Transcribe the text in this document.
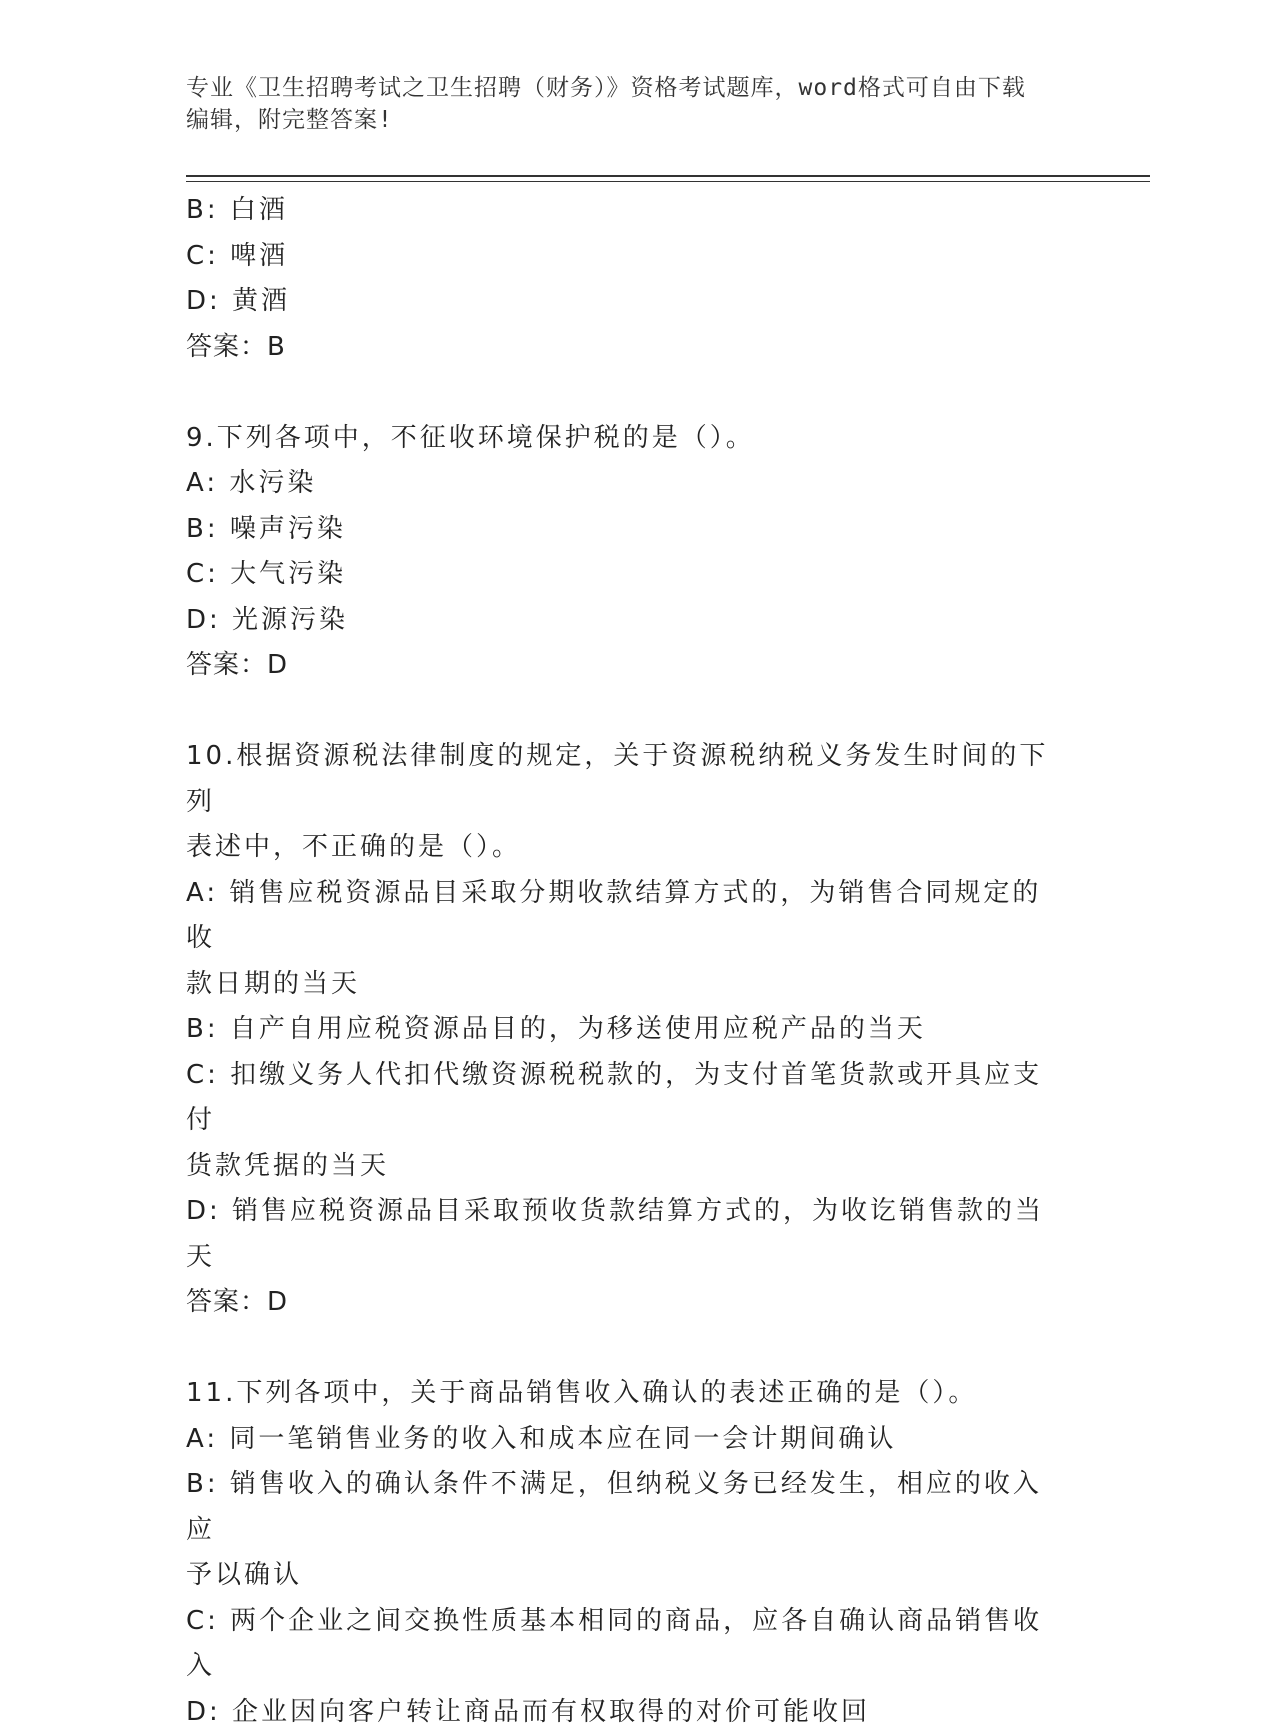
专业《卫生招聘考试之卫生招聘（财务）》资格考试题库，word格式可自由下载
编辑，附完整答案!
B: 白酒
C: 啤酒
D: 黄酒
答案：B
9.下列各项中，不征收环境保护税的是（）。
A: 水污染
B: 噪声污染
C: 大气污染
D: 光源污染
答案：D
10.根据资源税法律制度的规定，关于资源税纳税义务发生时间的下列
表述中，不正确的是（）。
A: 销售应税资源品目采取分期收款结算方式的，为销售合同规定的收
款日期的当天
B: 自产自用应税资源品目的，为移送使用应税产品的当天
C: 扣缴义务人代扣代缴资源税税款的，为支付首笔货款或开具应支付
货款凭据的当天
D: 销售应税资源品目采取预收货款结算方式的，为收讫销售款的当天
答案：D
11.下列各项中，关于商品销售收入确认的表述正确的是（）。
A: 同一笔销售业务的收入和成本应在同一会计期间确认
B: 销售收入的确认条件不满足，但纳税义务已经发生，相应的收入应
予以确认
C: 两个企业之间交换性质基本相同的商品，应各自确认商品销售收入
D: 企业因向客户转让商品而有权取得的对价可能收回
